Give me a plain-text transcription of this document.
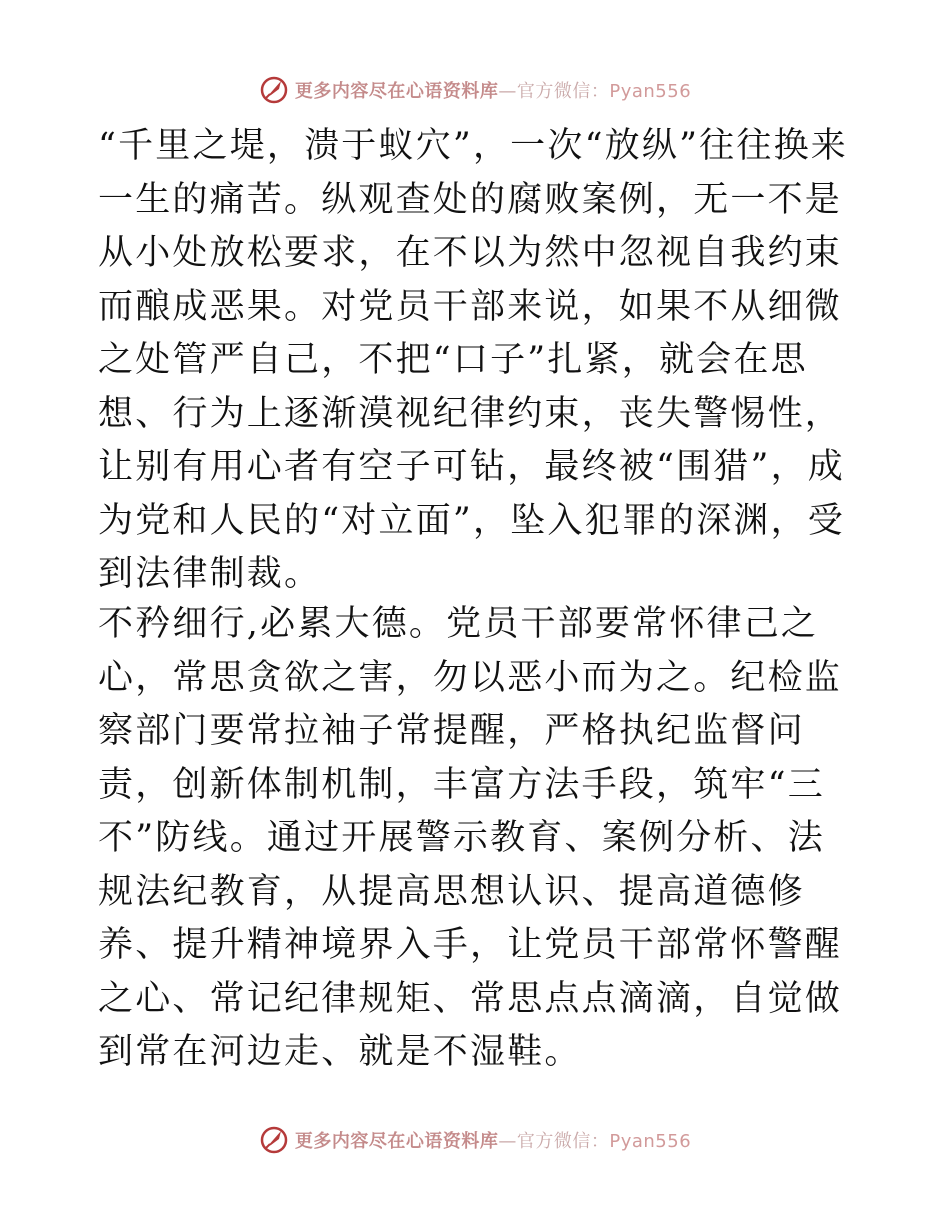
更多内容尽在心语资料库—官方微信：Pyan556
“千里之堤，溃于蚁穴”，一次“放纵”往往换来一生的痛苦。纵观查处的腐败案例，无一不是从小处放松要求，在不以为然中忽视自我约束而酿成恶果。对党员干部来说，如果不从细微之处管严自己，不把“口子”扎紧，就会在思想、行为上逐渐漠视纪律约束，丧失警惕性，让别有用心者有空子可钻，最终被“围猎”，成为党和人民的“对立面”，坠入犯罪的深渊，受到法律制裁。
不矜细行,必累大德。党员干部要常怀律己之心，常思贪欲之害，勿以恶小而为之。纪检监察部门要常拉袖子常提醒，严格执纪监督问责，创新体制机制，丰富方法手段，筑牢“三不”防线。通过开展警示教育、案例分析、法规法纪教育，从提高思想认识、提高道德修养、提升精神境界入手，让党员干部常怀警醒之心、常记纪律规矩、常思点点滴滴，自觉做到常在河边走、就是不湿鞋。
更多内容尽在心语资料库—官方微信：Pyan556
